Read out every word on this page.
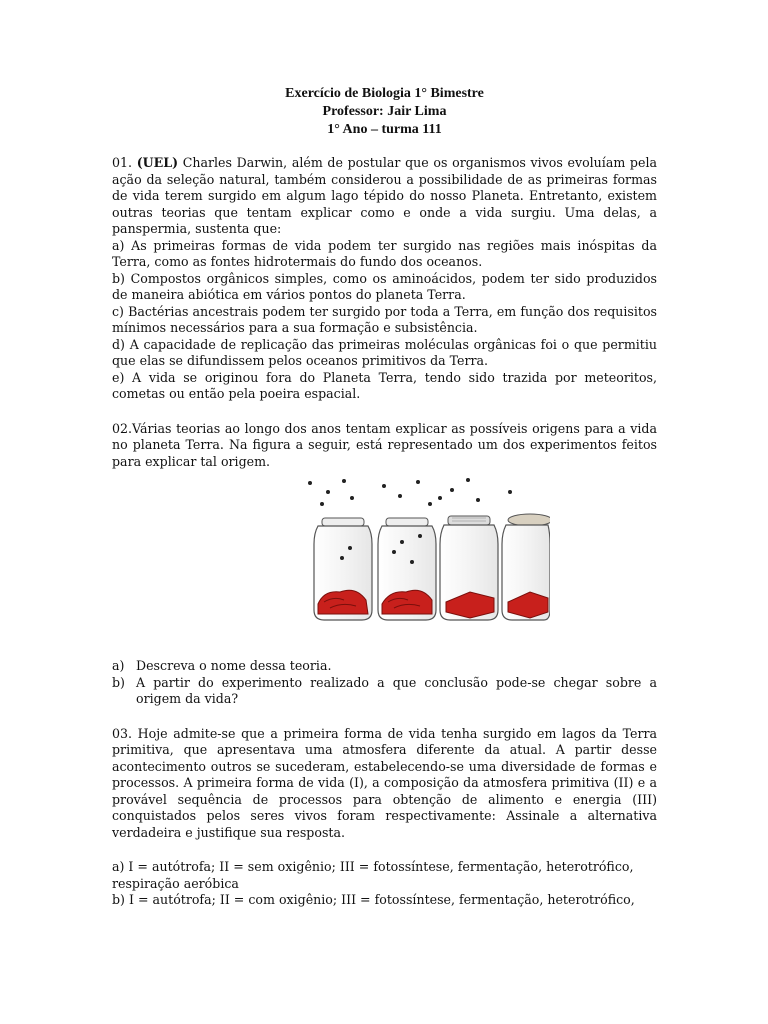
Exercício de Biologia 1° Bimestre
Professor: Jair Lima
1° Ano – turma 111
01. (UEL) Charles Darwin, além de postular que os organismos vivos evoluíam pela ação da seleção natural, também considerou a possibilidade de as primeiras formas de vida terem surgido em algum lago tépido do nosso Planeta. Entretanto, existem outras teorias que tentam explicar como e onde a vida surgiu. Uma delas, a panspermia, sustenta que:
a) As primeiras formas de vida podem ter surgido nas regiões mais inóspitas da Terra, como as fontes hidrotermais do fundo dos oceanos.
b) Compostos orgânicos simples, como os aminoácidos, podem ter sido produzidos de maneira abiótica em vários pontos do planeta Terra.
c) Bactérias ancestrais podem ter surgido por toda a Terra, em função dos requisitos mínimos necessários para a sua formação e subsistência.
d) A capacidade de replicação das primeiras moléculas orgânicas foi o que permitiu que elas se difundissem pelos oceanos primitivos da Terra.
e) A vida se originou fora do Planeta Terra, tendo sido trazida por meteoritos, cometas ou então pela poeira espacial.
02.Várias teorias ao longo dos anos tentam explicar as possíveis origens para a vida no planeta Terra. Na figura a seguir, está representado um dos experimentos feitos para explicar tal origem.
a) Descreva o nome dessa teoria.
b) A partir do experimento realizado a que conclusão pode-se chegar sobre a origem da vida?
03. Hoje admite-se que a primeira forma de vida tenha surgido em lagos da Terra primitiva, que apresentava uma atmosfera diferente da atual. A partir desse acontecimento outros se sucederam, estabelecendo-se uma diversidade de formas e processos. A primeira forma de vida (I), a composição da atmosfera primitiva (II) e a provável sequência de processos para obtenção de alimento e energia (III) conquistados pelos seres vivos foram respectivamente: Assinale a alternativa verdadeira e justifique sua resposta.
a) I = autótrofa; II = sem oxigênio; III = fotossíntese, fermentação, heterotrófico, respiração aeróbica
b) I = autótrofa; II = com oxigênio; III = fotossíntese, fermentação, heterotrófico,
